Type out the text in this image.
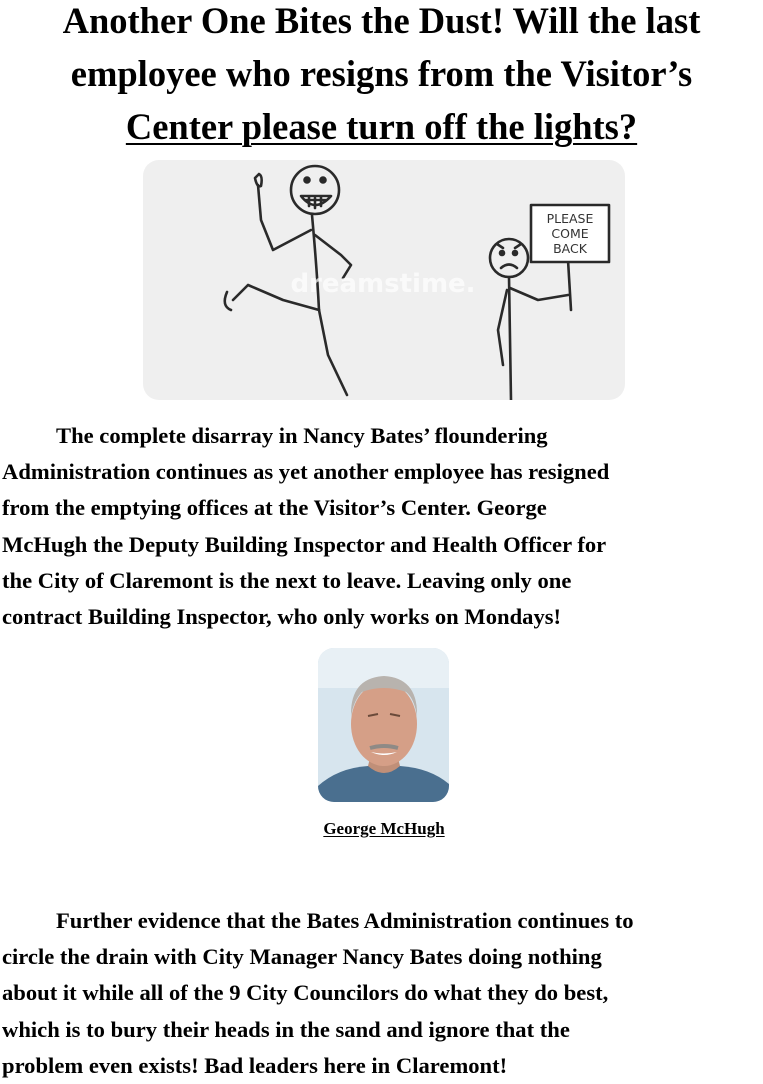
Another One Bites the Dust! Will the last
employee who resigns from the Visitor’s
Center please turn off the lights?
PLEASE
COME
BACK
dreamstime.

The complete disarray in Nancy Bates’ floundering
Administration continues as yet another employee has resigned
from the emptying offices at the Visitor’s Center. George
McHugh the Deputy Building Inspector and Health Officer for
the City of Claremont is the next to leave. Leaving only one
contract Building Inspector, who only works on Mondays!

George McHugh

Further evidence that the Bates Administration continues to
circle the drain with City Manager Nancy Bates doing nothing
about it while all of the 9 City Councilors do what they do best,
which is to bury their heads in the sand and ignore that the
problem even exists! Bad leaders here in Claremont!
